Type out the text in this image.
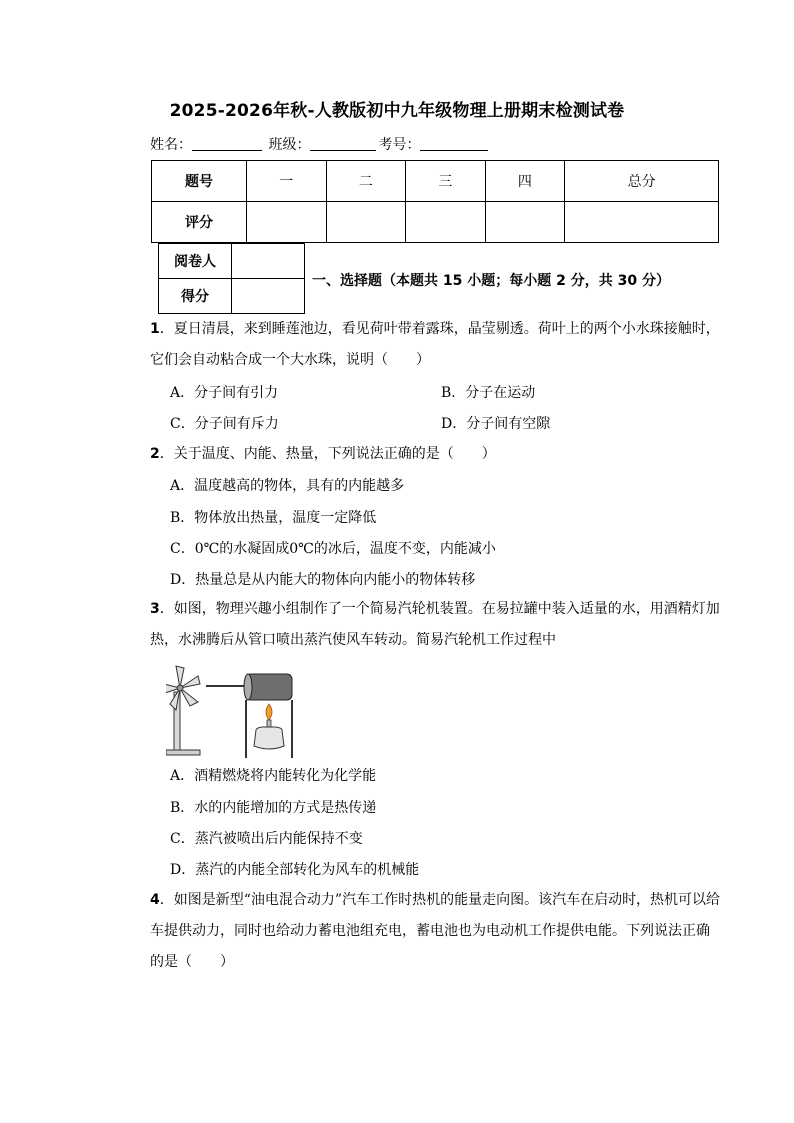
2025-2026年秋-人教版初中九年级物理上册期末检测试卷
姓名：	班级：	考号：
题号	一	二	三	四	总分
评分					
阅卷人	
得分	
一、选择题（本题共 15 小题；每小题 2 分，共 30 分）
1．夏日清晨，来到睡莲池边，看见荷叶带着露珠，晶莹剔透。荷叶上的两个小水珠接触时，它们会自动粘合成一个大水珠，说明（　　）
A．分子间有引力	B．分子在运动
C．分子间有斥力	D．分子间有空隙
2．关于温度、内能、热量，下列说法正确的是（　　）
A．温度越高的物体，具有的内能越多
B．物体放出热量，温度一定降低
C．0℃的水凝固成0℃的冰后，温度不变，内能减小
D．热量总是从内能大的物体向内能小的物体转移
3．如图，物理兴趣小组制作了一个简易汽轮机装置。在易拉罐中装入适量的水，用酒精灯加热，水沸腾后从管口喷出蒸汽使风车转动。简易汽轮机工作过程中
A．酒精燃烧将内能转化为化学能
B．水的内能增加的方式是热传递
C．蒸汽被喷出后内能保持不变
D．蒸汽的内能全部转化为风车的机械能
4．如图是新型“油电混合动力”汽车工作时热机的能量走向图。该汽车在启动时，热机可以给车提供动力，同时也给动力蓄电池组充电，蓄电池也为电动机工作提供电能。下列说法正确的是（　　）
